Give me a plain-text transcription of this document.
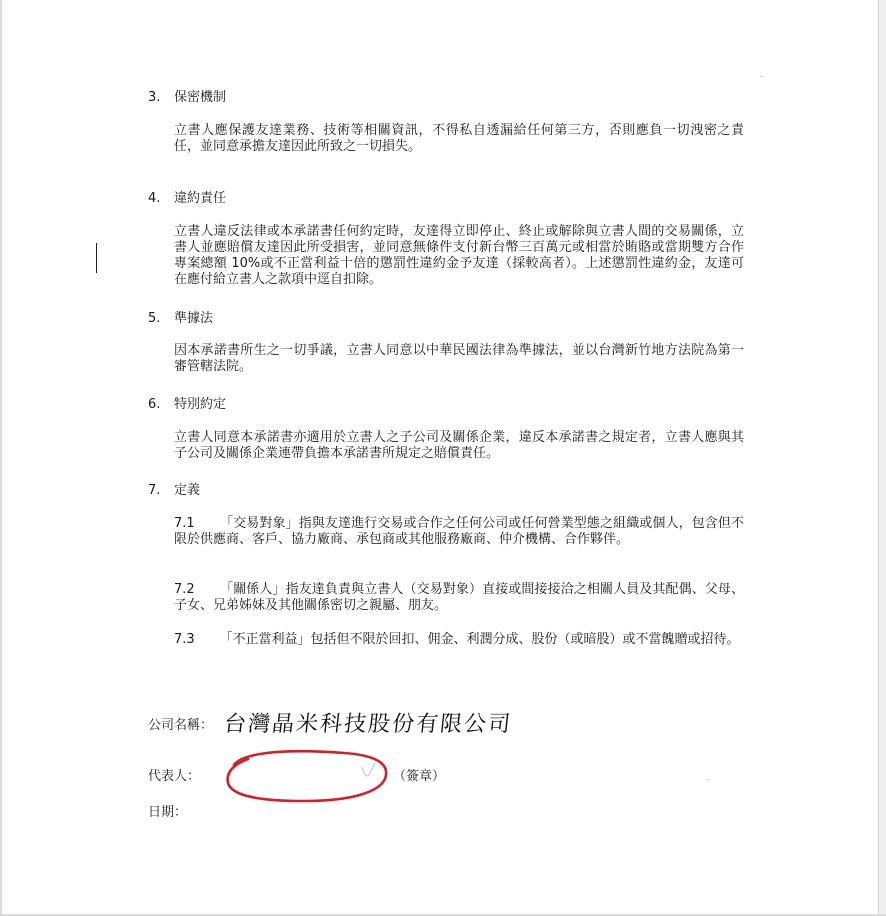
3. 保密機制
立書人應保護友達業務、技術等相關資訊，不得私自透漏給任何第三方，否則應負一切洩密之責任，並同意承擔友達因此所致之一切損失。
4. 違約責任
立書人違反法律或本承諾書任何約定時，友達得立即停止、終止或解除與立書人間的交易關係，立書人並應賠償友達因此所受損害，並同意無條件支付新台幣三百萬元或相當於賄賂或當期雙方合作專案總額 10%或不正當利益十倍的懲罰性違約金予友達（採較高者）。上述懲罰性違約金，友達可在應付給立書人之款項中逕自扣除。
5. 準據法
因本承諾書所生之一切爭議，立書人同意以中華民國法律為準據法，並以台灣新竹地方法院為第一審管轄法院。
6. 特別約定
立書人同意本承諾書亦適用於立書人之子公司及關係企業，違反本承諾書之規定者，立書人應與其子公司及關係企業連帶負擔本承諾書所規定之賠償責任。
7. 定義
7.1 「交易對象」指與友達進行交易或合作之任何公司或任何營業型態之組織或個人，包含但不限於供應商、客戶、協力廠商、承包商或其他服務廠商、仲介機構、合作夥伴。
7.2 「關係人」指友達負責與立書人（交易對象）直接或間接接洽之相關人員及其配偶、父母、子女、兄弟姊妹及其他關係密切之親屬、朋友。
7.3 「不正當利益」包括但不限於回扣、佣金、利潤分成、股份（或暗股）或不當餽贈或招待。
公司名稱： 台灣晶米科技股份有限公司
代表人：	（簽章）
日期：
